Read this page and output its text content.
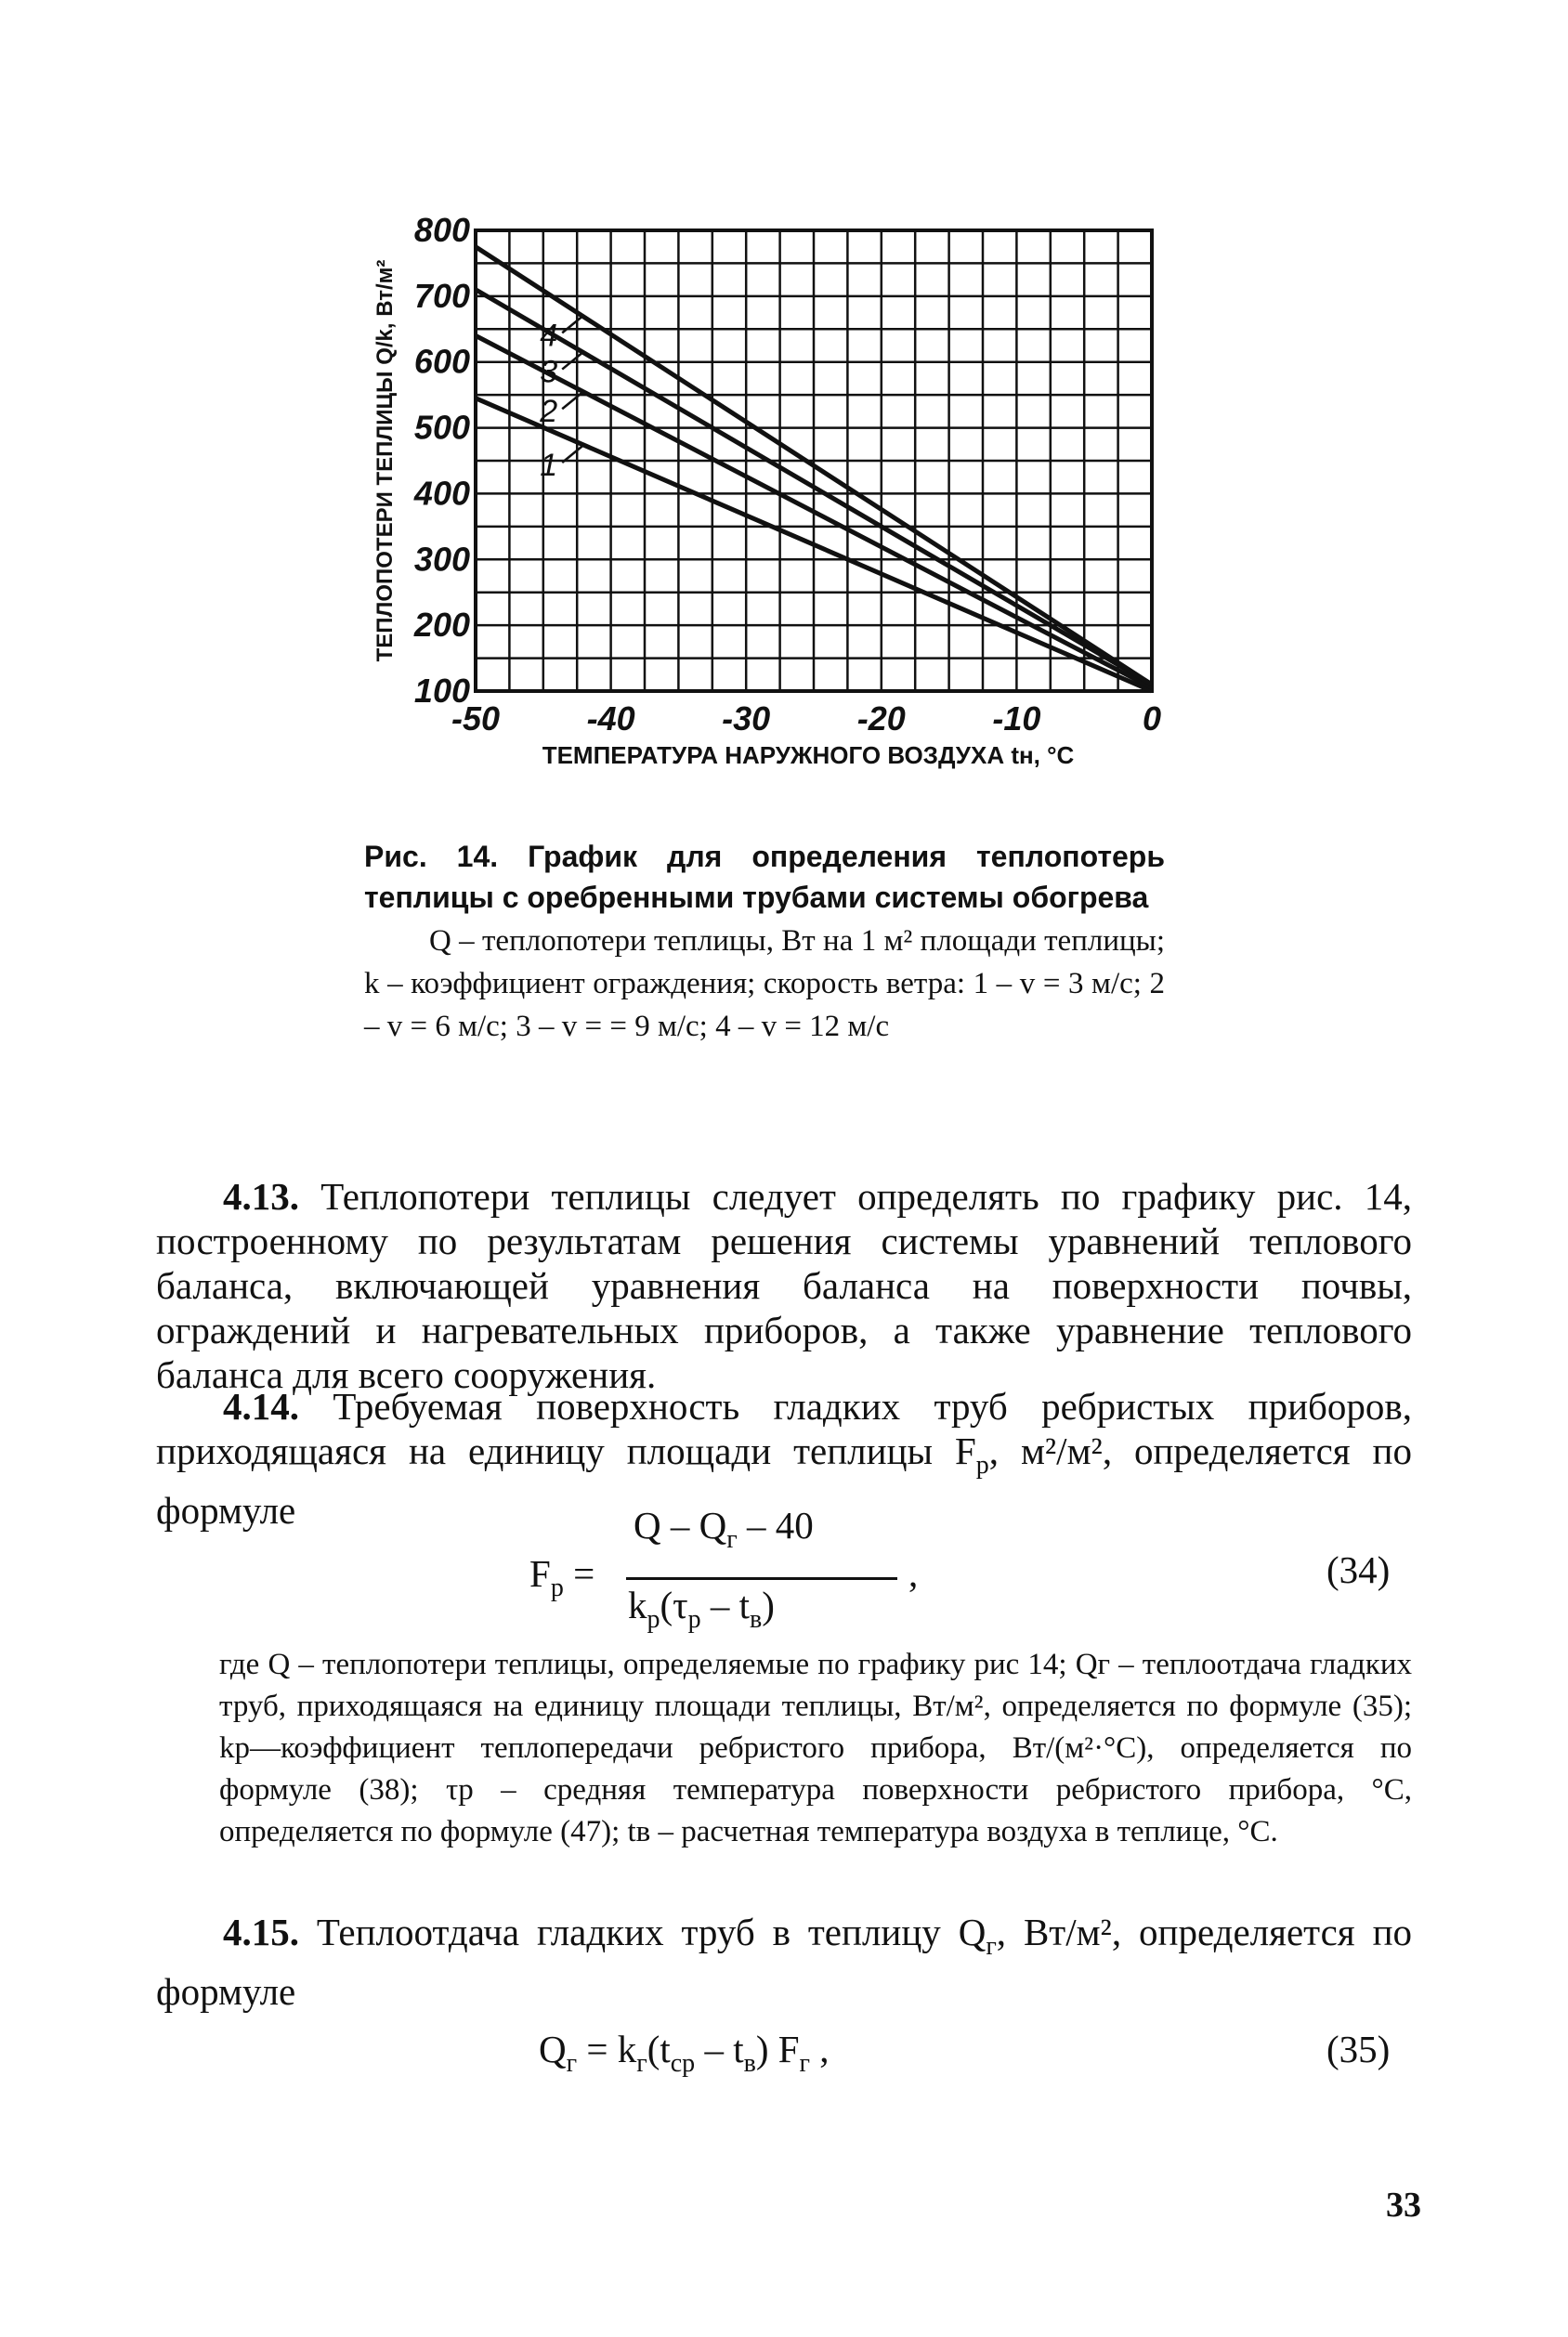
800
700
600
500
400
300
200
100
-50	-40	-30	-20	-10	0
1
2
3
4
ТЕПЛОПОТЕРИ ТЕПЛИЦЫ Q/k, Вт/м²
ТЕМПЕРАТУРА НАРУЖНОГО ВОЗДУХА tн, °С
Рис. 14. График для определения теплопотерь теплицы с оребренными трубами системы обогрева
Q – теплопотери теплицы, Вт на 1 м² площади теплицы; k – коэффициент ограждения; скорость ветра: 1 – v = 3 м/с; 2 – v = 6 м/с; 3 – v = = 9 м/с; 4 – v = 12 м/с
4.13. Теплопотери теплицы следует определять по графику рис. 14, построенному по результатам решения системы уравнений теплового баланса, включающей уравнения баланса на поверхности почвы, ограждений и нагревательных приборов, а также уравнение теплового баланса для всего сооружения.
4.14. Требуемая поверхность гладких труб ребристых приборов, приходящаяся на единицу площади теплицы $F_р$, м²/м², определяется по формуле
$F_р$ =
Q – $Q_г - 40$
$k_р(\tau_р - t_в)$
,	(34)
где Q – теплопотери теплицы, определяемые по графику рис 14; Qг – теплоотдача гладких труб, приходящаяся на единицу площади теплицы, Вт/м², определяется по формуле (35); kр—коэффициент теплопередачи ребристого прибора, Вт/(м²·°С), определяется по формуле (38); τр – средняя температура поверхности ребристого прибора, °С, определяется по формуле (47); tв – расчетная температура воздуха в теплице, °С.
4.15. Теплоотдача гладких труб в теплицу $Q_г$, Вт/м², определяется по формуле
$Q_г = k_г(t_{ср} - t_в)$ $F_г$ ,	(35)
33
